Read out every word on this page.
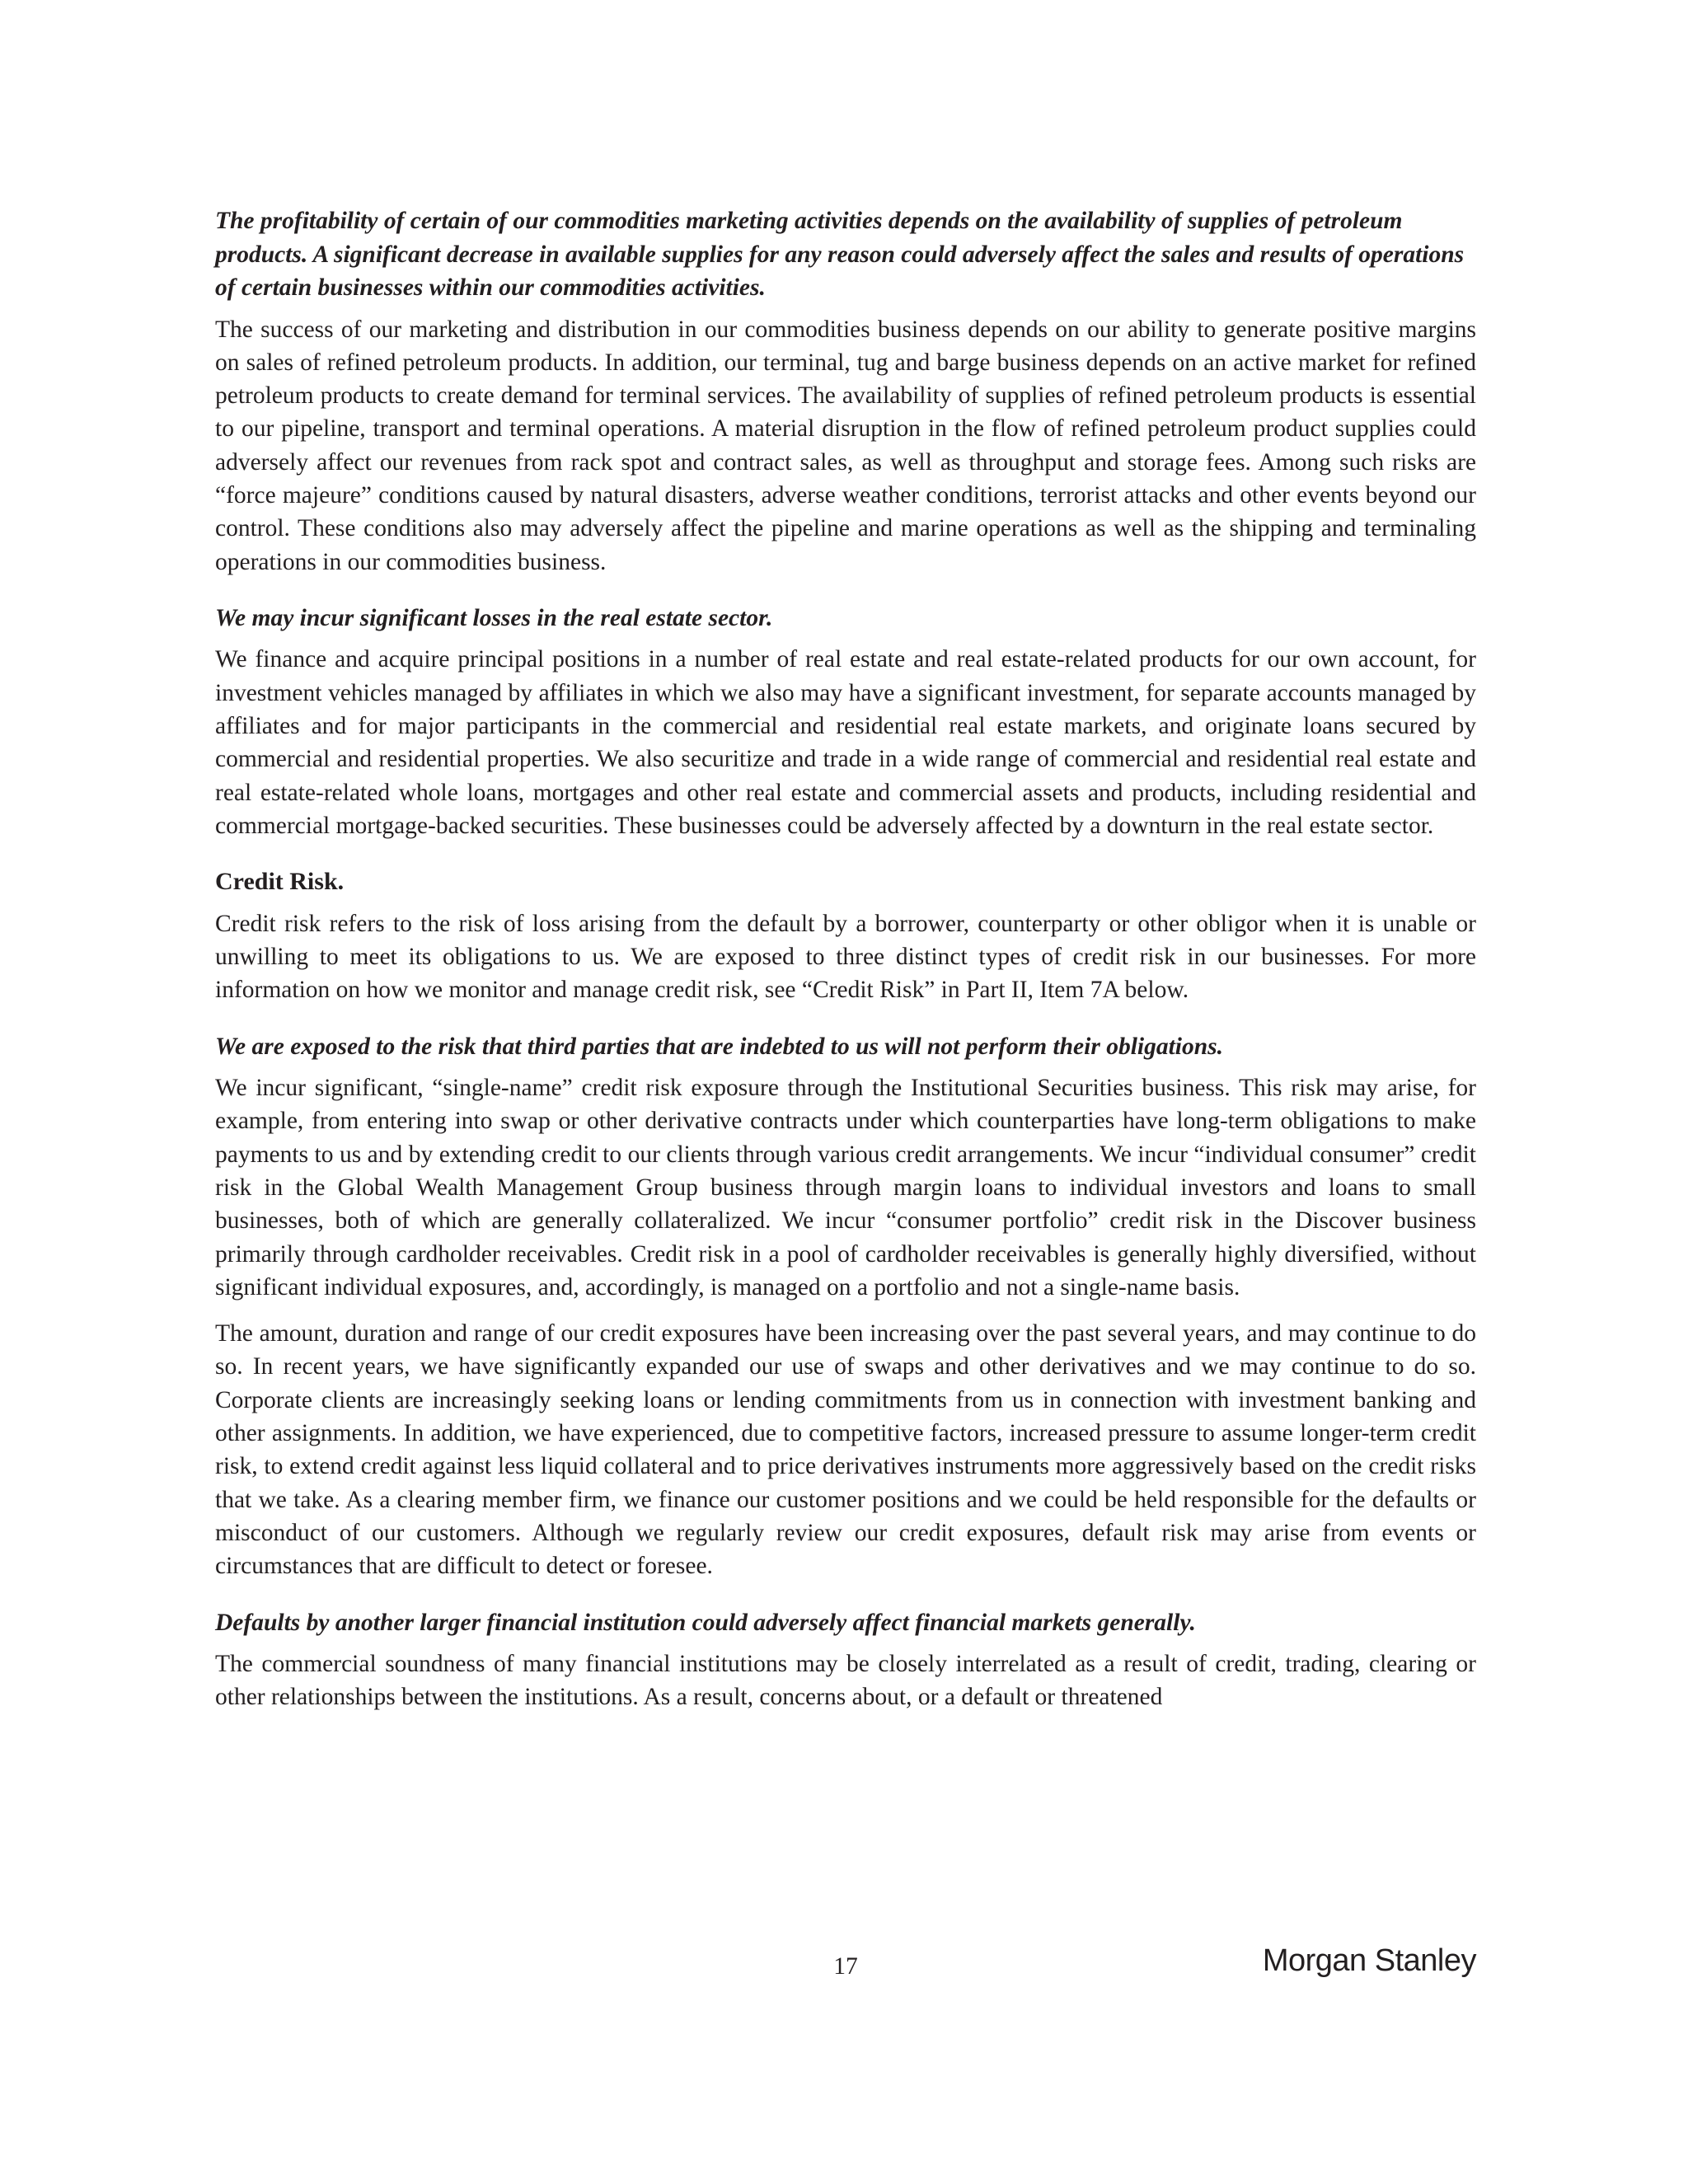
The profitability of certain of our commodities marketing activities depends on the availability of supplies of petroleum products. A significant decrease in available supplies for any reason could adversely affect the sales and results of operations of certain businesses within our commodities activities.

The success of our marketing and distribution in our commodities business depends on our ability to generate positive margins on sales of refined petroleum products. In addition, our terminal, tug and barge business depends on an active market for refined petroleum products to create demand for terminal services. The availability of supplies of refined petroleum products is essential to our pipeline, transport and terminal operations. A material disruption in the flow of refined petroleum product supplies could adversely affect our revenues from rack spot and contract sales, as well as throughput and storage fees. Among such risks are “force majeure” conditions caused by natural disasters, adverse weather conditions, terrorist attacks and other events beyond our control. These conditions also may adversely affect the pipeline and marine operations as well as the shipping and terminaling operations in our commodities business.

We may incur significant losses in the real estate sector.

We finance and acquire principal positions in a number of real estate and real estate-related products for our own account, for investment vehicles managed by affiliates in which we also may have a significant investment, for separate accounts managed by affiliates and for major participants in the commercial and residential real estate markets, and originate loans secured by commercial and residential properties. We also securitize and trade in a wide range of commercial and residential real estate and real estate-related whole loans, mortgages and other real estate and commercial assets and products, including residential and commercial mortgage-backed securities. These businesses could be adversely affected by a downturn in the real estate sector.

Credit Risk.

Credit risk refers to the risk of loss arising from the default by a borrower, counterparty or other obligor when it is unable or unwilling to meet its obligations to us. We are exposed to three distinct types of credit risk in our businesses. For more information on how we monitor and manage credit risk, see “Credit Risk” in Part II, Item 7A below.

We are exposed to the risk that third parties that are indebted to us will not perform their obligations.

We incur significant, “single-name” credit risk exposure through the Institutional Securities business. This risk may arise, for example, from entering into swap or other derivative contracts under which counterparties have long-term obligations to make payments to us and by extending credit to our clients through various credit arrangements. We incur “individual consumer” credit risk in the Global Wealth Management Group business through margin loans to individual investors and loans to small businesses, both of which are generally collateralized. We incur “consumer portfolio” credit risk in the Discover business primarily through cardholder receivables. Credit risk in a pool of cardholder receivables is generally highly diversified, without significant individual exposures, and, accordingly, is managed on a portfolio and not a single-name basis.

The amount, duration and range of our credit exposures have been increasing over the past several years, and may continue to do so. In recent years, we have significantly expanded our use of swaps and other derivatives and we may continue to do so. Corporate clients are increasingly seeking loans or lending commitments from us in connection with investment banking and other assignments. In addition, we have experienced, due to competitive factors, increased pressure to assume longer-term credit risk, to extend credit against less liquid collateral and to price derivatives instruments more aggressively based on the credit risks that we take. As a clearing member firm, we finance our customer positions and we could be held responsible for the defaults or misconduct of our customers. Although we regularly review our credit exposures, default risk may arise from events or circumstances that are difficult to detect or foresee.

Defaults by another larger financial institution could adversely affect financial markets generally.

The commercial soundness of many financial institutions may be closely interrelated as a result of credit, trading, clearing or other relationships between the institutions. As a result, concerns about, or a default or threatened

17	Morgan Stanley
